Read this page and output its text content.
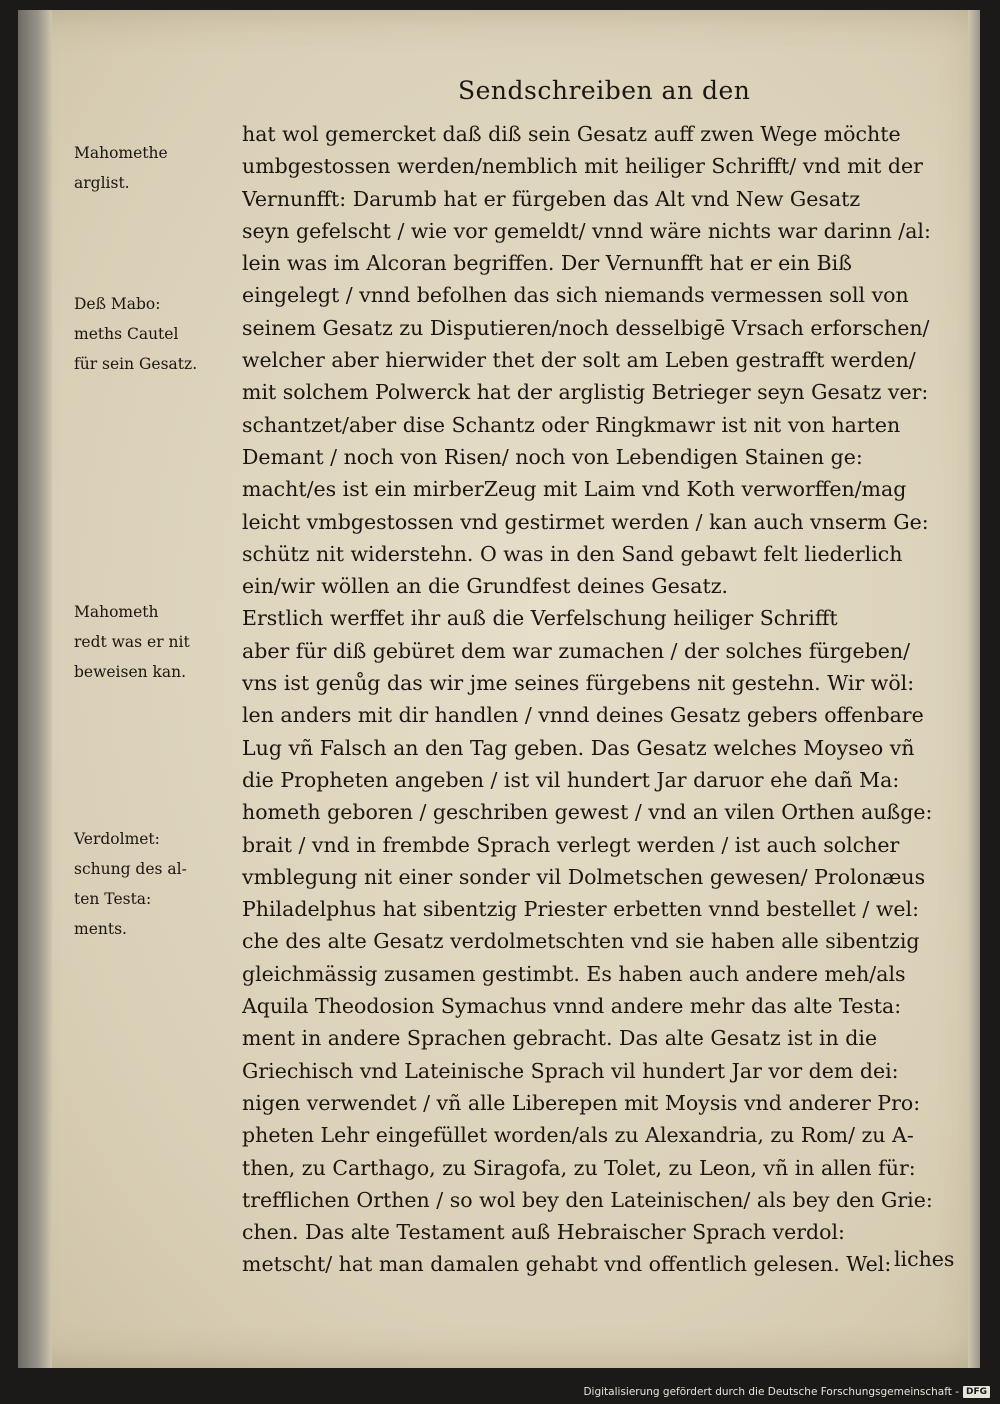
Sendschreiben an den
Mahomethe
arglist.
Deß Mabo:
meths Cautel
für sein Gesatz.
Mahometh
redt was er nit
beweisen kan.
Verdolmet:
schung des al-
ten Testa:
ments.
hat wol gemercket daß diß sein Gesatz auff zwen Wege möchte
umbgestossen werden/nemblich mit heiliger Schrifft/ vnd mit der
Vernunfft: Darumb hat er fürgeben das Alt vnd New Gesatz
seyn gefelscht / wie vor gemeldt/ vnnd wäre nichts war darinn /al:
lein was im Alcoran begriffen. Der Vernunfft hat er ein Biß
eingelegt / vnnd befolhen das sich niemands vermessen soll von
seinem Gesatz zu Disputieren/noch desselbigē Vrsach erforschen/
welcher aber hierwider thet der solt am Leben gestrafft werden/
mit solchem Polwerck hat der arglistig Betrieger seyn Gesatz ver:
schantzet/aber dise Schantz oder Ringkmawr ist nit von harten
Demant / noch von Risen/ noch von Lebendigen Stainen ge:
macht/es ist ein mirberZeug mit Laim vnd Koth verworffen/mag
leicht vmbgestossen vnd gestirmet werden / kan auch vnserm Ge:
schütz nit widerstehn. O was in den Sand gebawt felt liederlich
ein/wir wöllen an die Grundfest deines Gesatz.
Erstlich werffet ihr auß die Verfelschung heiliger Schrifft
aber für diß gebüret dem war zumachen / der solches fürgeben/
vns ist genůg das wir jme seines fürgebens nit gestehn. Wir wöl:
len anders mit dir handlen / vnnd deines Gesatz gebers offenbare
Lug vñ Falsch an den Tag geben. Das Gesatz welches Moyseo vñ
die Propheten angeben / ist vil hundert Jar daruor ehe dañ Ma:
hometh geboren / geschriben gewest / vnd an vilen Orthen außge:
brait / vnd in frembde Sprach verlegt werden / ist auch solcher
vmblegung nit einer sonder vil Dolmetschen gewesen/ Prolonæus
Philadelphus hat sibentzig Priester erbetten vnnd bestellet / wel:
che des alte Gesatz verdolmetschten vnd sie haben alle sibentzig
gleichmässig zusamen gestimbt. Es haben auch andere meh/als
Aquila Theodosion Symachus vnnd andere mehr das alte Testa:
ment in andere Sprachen gebracht. Das alte Gesatz ist in die
Griechisch vnd Lateinische Sprach vil hundert Jar vor dem dei:
nigen verwendet / vñ alle Liberepen mit Moysis vnd anderer Pro:
pheten Lehr eingefüllet worden/als zu Alexandria, zu Rom/ zu A-
then, zu Carthago, zu Siragofa, zu Tolet, zu Leon, vñ in allen für:
trefflichen Orthen / so wol bey den Lateinischen/ als bey den Grie:
chen. Das alte Testament auß Hebraischer Sprach verdol:
metscht/ hat man damalen gehabt vnd offentlich gelesen. Wel: liches
Digitalisierung gefördert durch die Deutsche Forschungsgemeinschaft - DFG
